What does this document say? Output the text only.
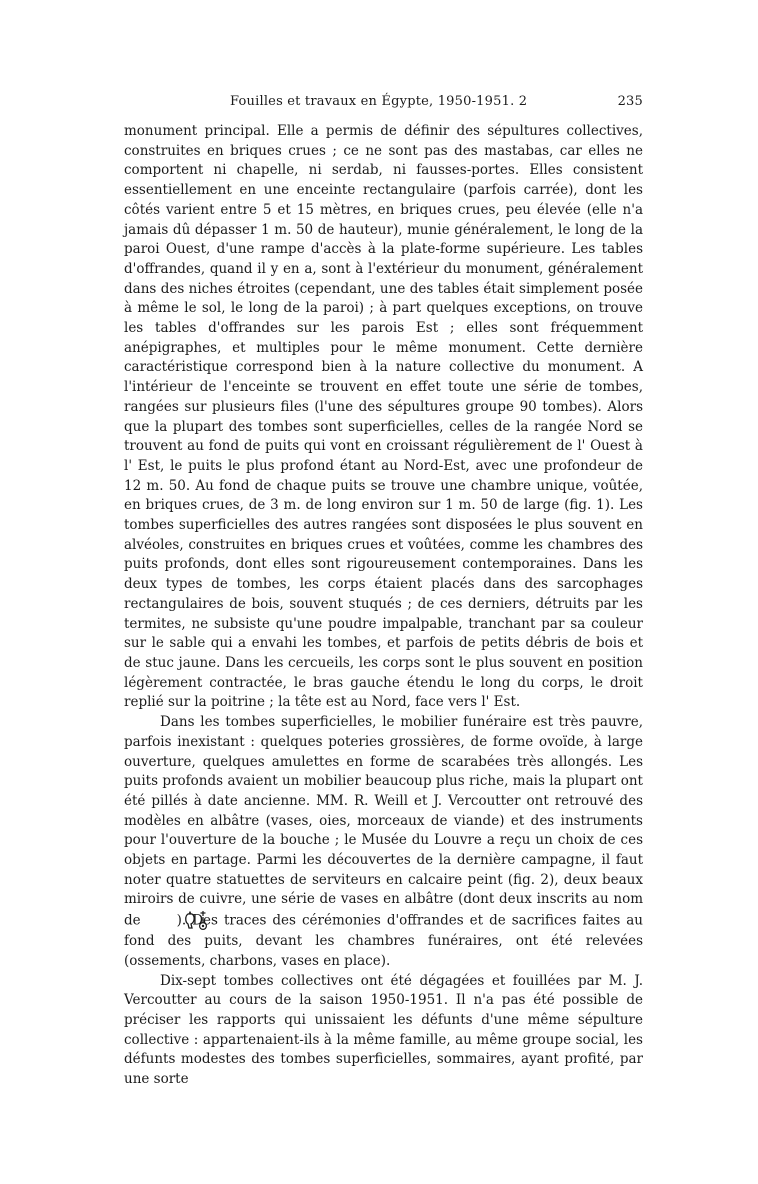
Fouilles et travaux en Égypte, 1950-1951. 2	235

monument principal. Elle a permis de définir des sépultures collectives, construites en briques crues ; ce ne sont pas des mastabas, car elles ne comportent ni chapelle, ni serdab, ni fausses-portes. Elles consistent essentiellement en une enceinte rectangulaire (parfois carrée), dont les côtés varient entre 5 et 15 mètres, en briques crues, peu élevée (elle n'a jamais dû dépasser 1 m. 50 de hauteur), munie généralement, le long de la paroi Ouest, d'une rampe d'accès à la plate-forme supérieure. Les tables d'offrandes, quand il y en a, sont à l'extérieur du monument, généralement dans des niches étroites (cependant, une des tables était simplement posée à même le sol, le long de la paroi) ; à part quelques exceptions, on trouve les tables d'offrandes sur les parois Est ; elles sont fréquemment anépigraphes, et multiples pour le même monument. Cette dernière caractéristique correspond bien à la nature collective du monument. A l'intérieur de l'enceinte se trouvent en effet toute une série de tombes, rangées sur plusieurs files (l'une des sépultures groupe 90 tombes). Alors que la plupart des tombes sont superficielles, celles de la rangée Nord se trouvent au fond de puits qui vont en croissant régulièrement de l' Ouest à l' Est, le puits le plus profond étant au Nord-Est, avec une profondeur de 12 m. 50. Au fond de chaque puits se trouve une chambre unique, voûtée, en briques crues, de 3 m. de long environ sur 1 m. 50 de large (fig. 1). Les tombes superficielles des autres rangées sont disposées le plus souvent en alvéoles, construites en briques crues et voûtées, comme les chambres des puits profonds, dont elles sont rigoureusement contemporaines. Dans les deux types de tombes, les corps étaient placés dans des sarcophages rectangulaires de bois, souvent stuqués ; de ces derniers, détruits par les termites, ne subsiste qu'une poudre impalpable, tranchant par sa couleur sur le sable qui a envahi les tombes, et parfois de petits débris de bois et de stuc jaune. Dans les cercueils, les corps sont le plus souvent en position légèrement contractée, le bras gauche étendu le long du corps, le droit replié sur la poitrine ; la tête est au Nord, face vers l' Est.

Dans les tombes superficielles, le mobilier funéraire est très pauvre, parfois inexistant : quelques poteries grossières, de forme ovoïde, à large ouverture, quelques amulettes en forme de scarabées très allongés. Les puits profonds avaient un mobilier beaucoup plus riche, mais la plupart ont été pillés à date ancienne. MM. R. Weill et J. Vercoutter ont retrouvé des modèles en albâtre (vases, oies, morceaux de viande) et des instruments pour l'ouverture de la bouche ; le Musée du Louvre a reçu un choix de ces objets en partage. Parmi les découvertes de la dernière campagne, il faut noter quatre statuettes de serviteurs en calcaire peint (fig. 2), deux beaux miroirs de cuivre, une série de vases en albâtre (dont deux inscrits au nom de ). Des traces des cérémonies d'offrandes et de sacrifices faites au fond des puits, devant les chambres funéraires, ont été relevées (ossements, charbons, vases en place).

Dix-sept tombes collectives ont été dégagées et fouillées par M. J. Vercoutter au cours de la saison 1950-1951. Il n'a pas été possible de préciser les rapports qui unissaient les défunts d'une même sépulture collective : appartenaient-ils à la même famille, au même groupe social, les défunts modestes des tombes superficielles, sommaires, ayant profité, par une sorte
